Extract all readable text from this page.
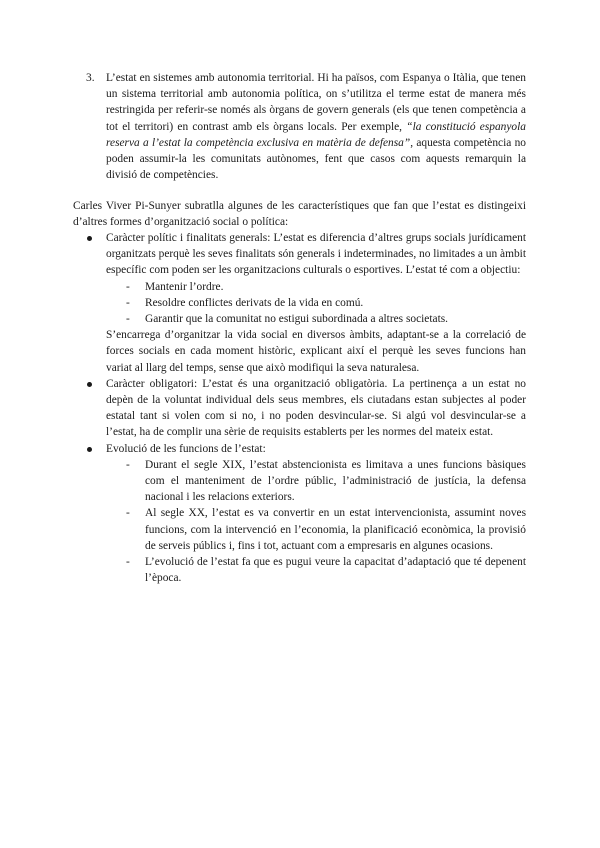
3. L’estat en sistemes amb autonomia territorial. Hi ha països, com Espanya o Itàlia, que tenen un sistema territorial amb autonomia política, on s’utilitza el terme estat de manera més restringida per referir-se només als òrgans de govern generals (els que tenen competència a tot el territori) en contrast amb els òrgans locals. Per exemple, “la constitució espanyola reserva a l’estat la competència exclusiva en matèria de defensa”, aquesta competència no poden assumir-la les comunitats autònomes, fent que casos com aquests remarquin la divisió de competències.
Carles Viver Pi-Sunyer subratlla algunes de les característiques que fan que l’estat es distingeixi d’altres formes d’organització social o política:
Caràcter polític i finalitats generals: L’estat es diferencia d’altres grups socials jurídicament organitzats perquè les seves finalitats són generals i indeterminades, no limitades a un àmbit específic com poden ser les organitzacions culturals o esportives. L’estat té com a objectiu:
- Mantenir l’ordre.
- Resoldre conflictes derivats de la vida en comú.
- Garantir que la comunitat no estigui subordinada a altres societats.
S’encarrega d’organitzar la vida social en diversos àmbits, adaptant-se a la correlació de forces socials en cada moment històric, explicant així el perquè les seves funcions han variat al llarg del temps, sense que això modifiqui la seva naturalesa.
Caràcter obligatori: L’estat és una organització obligatòria. La pertinença a un estat no depèn de la voluntat individual dels seus membres, els ciutadans estan subjectes al poder estatal tant si volen com si no, i no poden desvincular-se. Si algú vol desvincular-se a l’estat, ha de complir una sèrie de requisits establerts per les normes del mateix estat.
Evolució de les funcions de l’estat:
- Durant el segle XIX, l’estat abstencionista es limitava a unes funcions bàsiques com el manteniment de l’ordre públic, l’administració de justícia, la defensa nacional i les relacions exteriors.
- Al segle XX, l’estat es va convertir en un estat intervencionista, assumint noves funcions, com la intervenció en l’economia, la planificació econòmica, la provisió de serveis públics i, fins i tot, actuant com a empresaris en algunes ocasions.
- L’evolució de l’estat fa que es pugui veure la capacitat d’adaptació que té depenent l’època.
